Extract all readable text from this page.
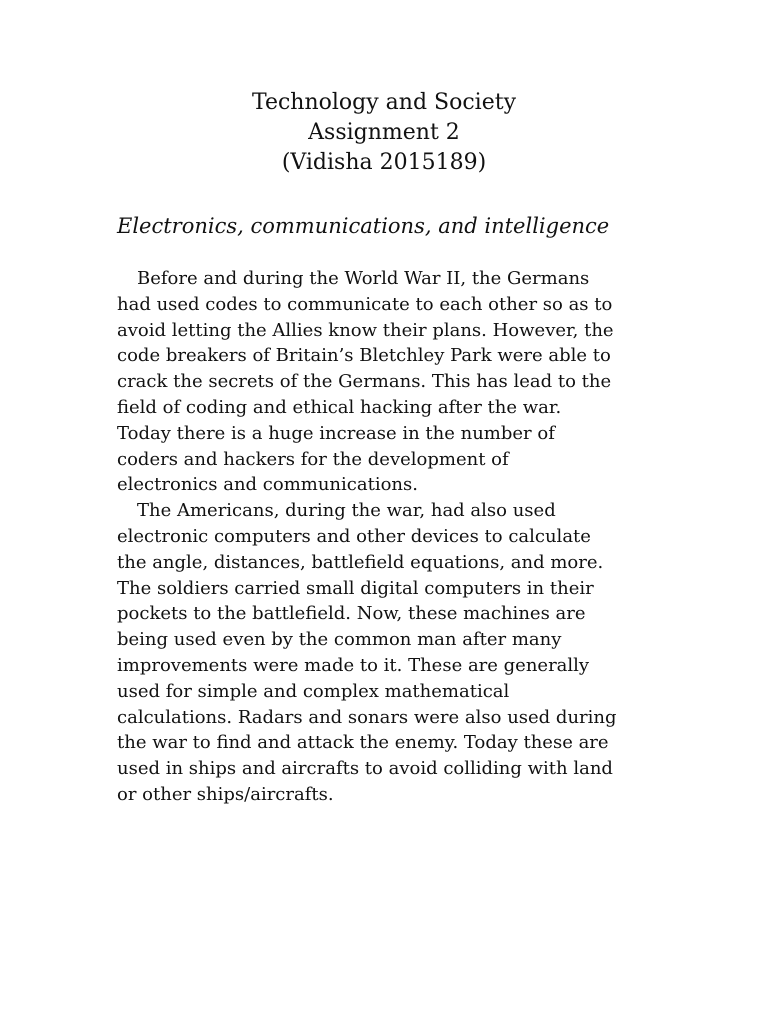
Technology and Society
Assignment 2
(Vidisha 2015189)
Electronics, communications, and intelligence
Before and during the World War II, the Germans
had used codes to communicate to each other so as to
avoid letting the Allies know their plans. However, the
code breakers of Britain’s Bletchley Park were able to
crack the secrets of the Germans. This has lead to the
field of coding and ethical hacking after the war.
Today there is a huge increase in the number of
coders and hackers for the development of
electronics and communications.
The Americans, during the war, had also used
electronic computers and other devices to calculate
the angle, distances, battlefield equations, and more.
The soldiers carried small digital computers in their
pockets to the battlefield. Now, these machines are
being used even by the common man after many
improvements were made to it. These are generally
used for simple and complex mathematical
calculations. Radars and sonars were also used during
the war to find and attack the enemy. Today these are
used in ships and aircrafts to avoid colliding with land
or other ships/aircrafts.
